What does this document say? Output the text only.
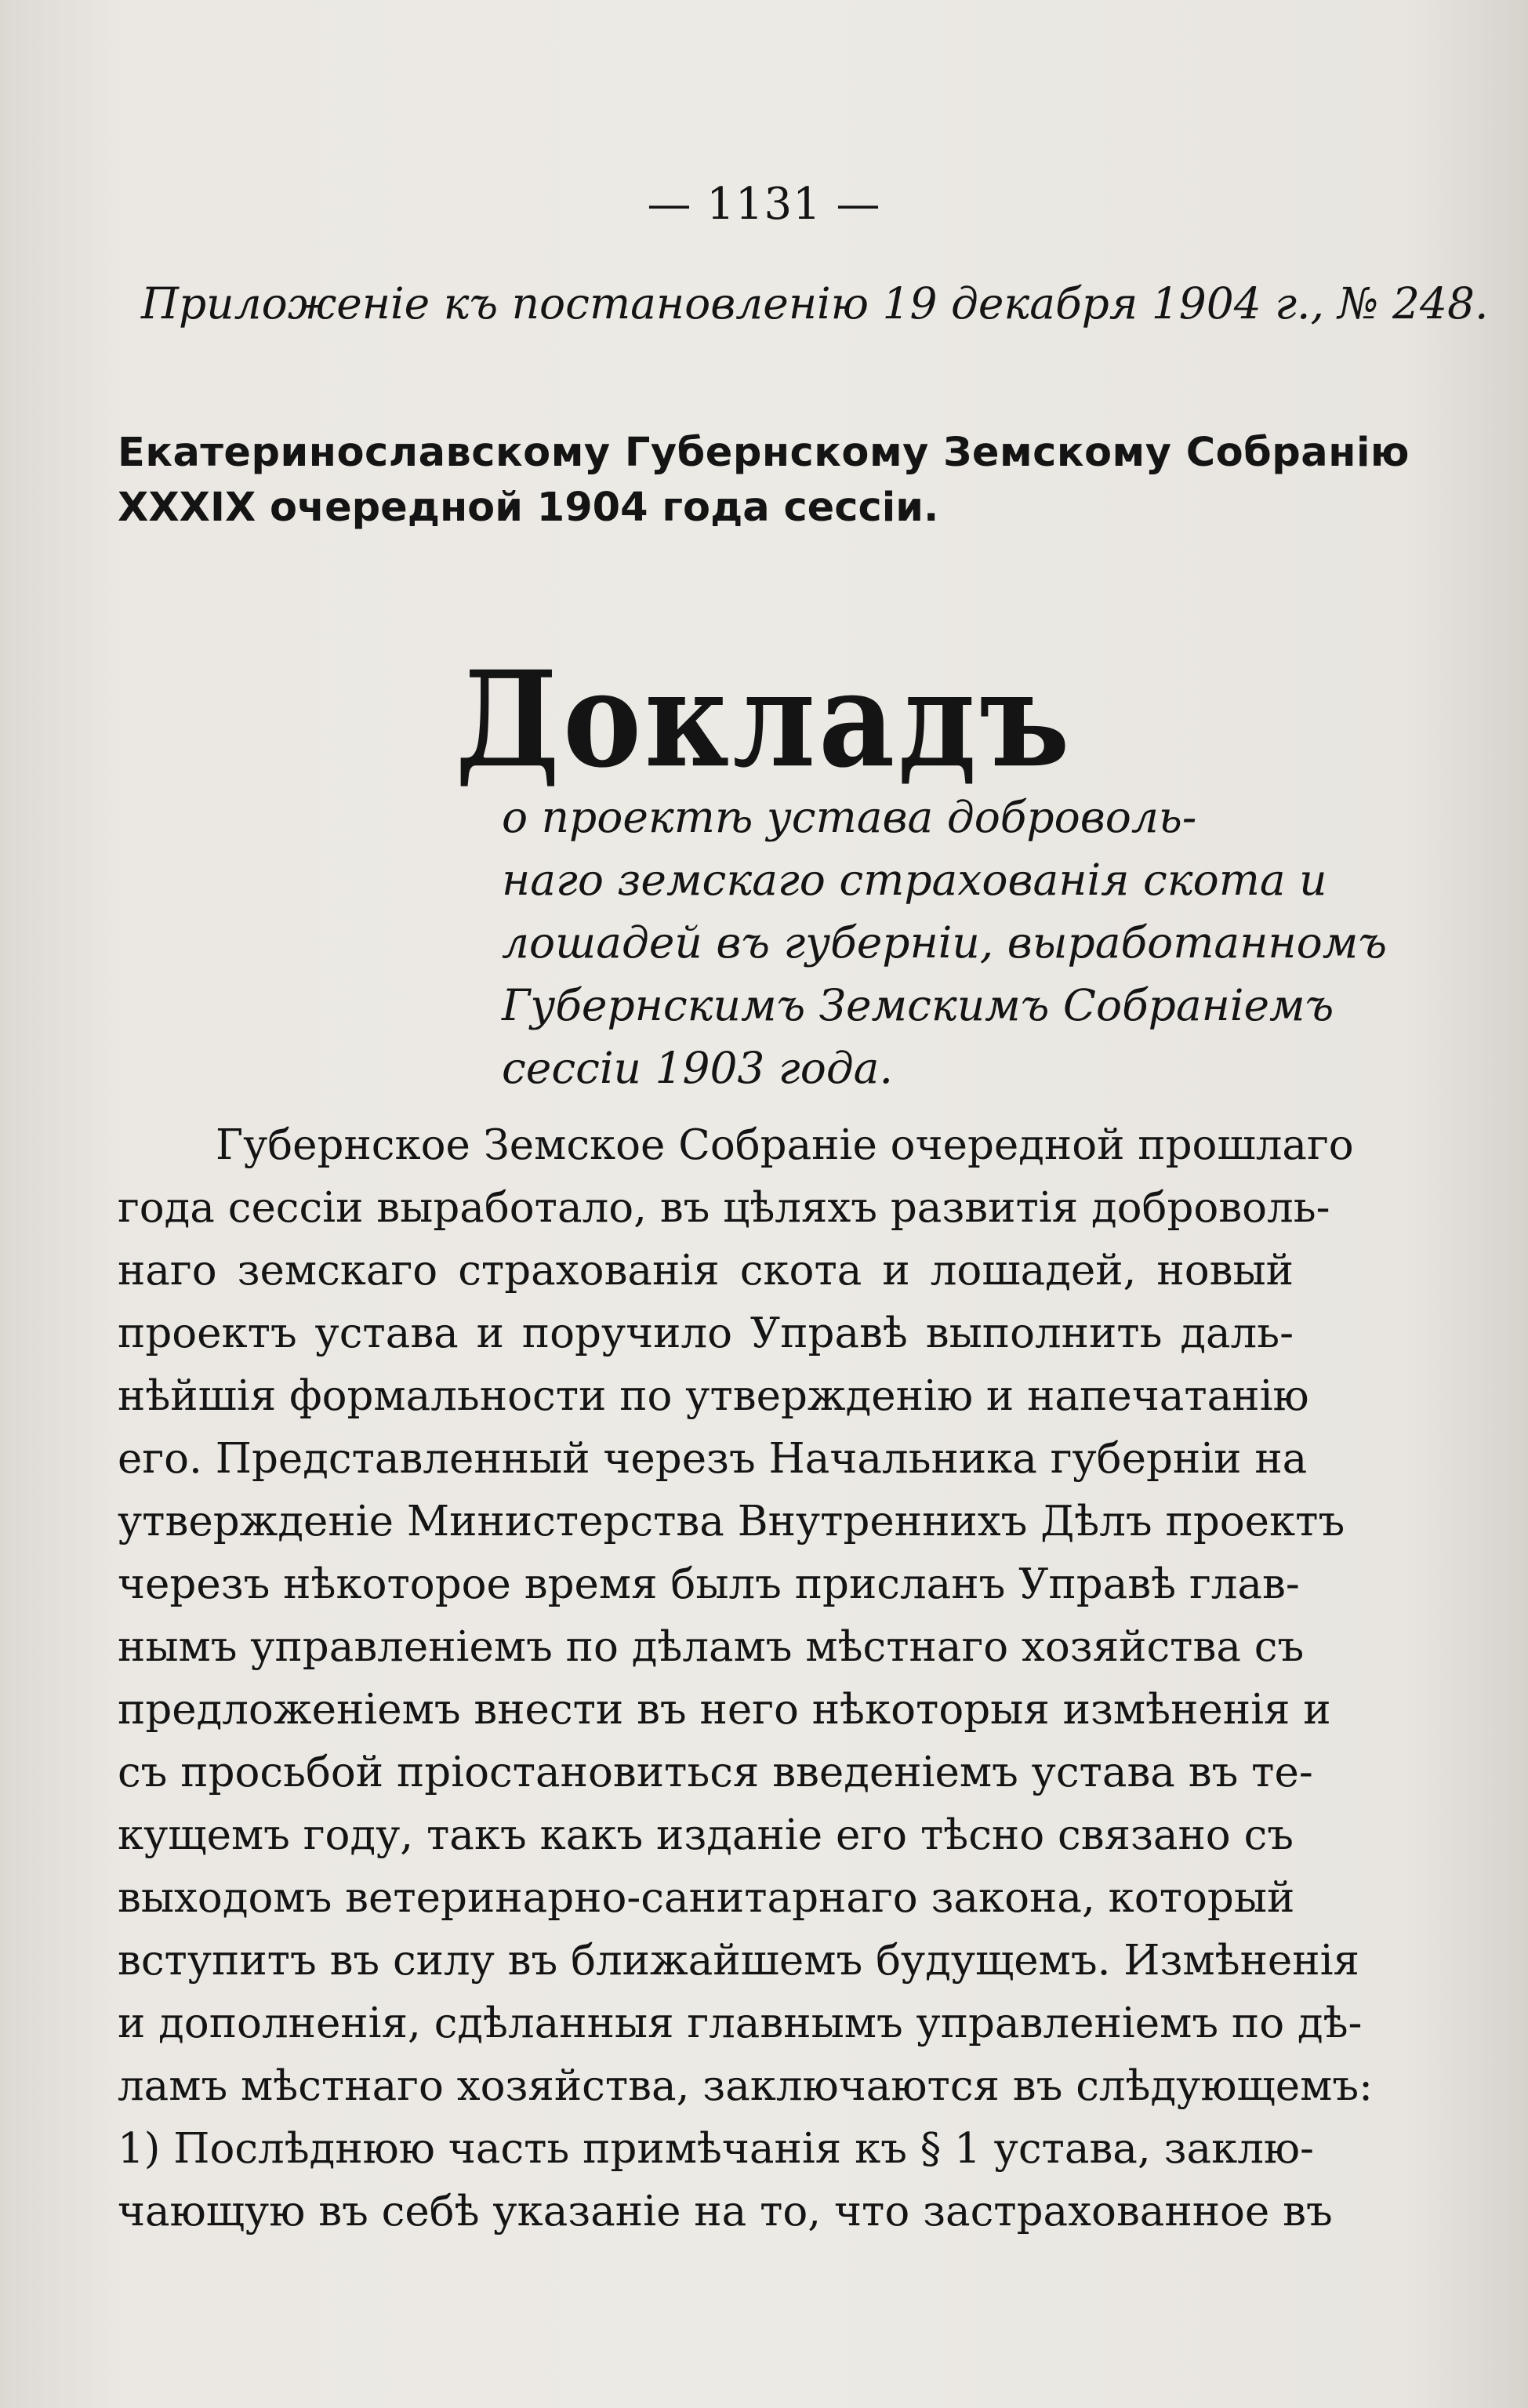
— 1131 —
Приложенiе къ постановленiю 19 декабря 1904 г., № 248.
Екатеринославскому Губернскому Земскому Собранiю
XXXIX очередной 1904 года сессiи.
Докладъ
о проектѣ устава доброволь-
наго земскаго страхованiя скота и
лошадей въ губернiи, выработанномъ
Губернскимъ Земскимъ Собранiемъ
сессiи 1903 года.
Губернское Земское Собранiе очередной прошлаго
года сессiи выработало, въ цѣляхъ развитiя доброволь-
наго земскаго страхованiя скота и лошадей, новый
проектъ устава и поручило Управѣ выполнить даль-
нѣйшiя формальности по утвержденiю и напечатанiю
его. Представленный черезъ Начальника губернiи на
утвержденiе Министерства Внутреннихъ Дѣлъ проектъ
черезъ нѣкоторое время былъ присланъ Управѣ глав-
нымъ управленiемъ по дѣламъ мѣстнаго хозяйства съ
предложенiемъ внести въ него нѣкоторыя измѣненiя и
съ просьбой прiостановиться введенiемъ устава въ те-
кущемъ году, такъ какъ изданiе его тѣсно связано съ
выходомъ ветеринарно-санитарнаго закона, который
вступитъ въ силу въ ближайшемъ будущемъ. Измѣненiя
и дополненiя, сдѣланныя главнымъ управленiемъ по дѣ-
ламъ мѣстнаго хозяйства, заключаются въ слѣдующемъ:
1) Послѣднюю часть примѣчанiя къ § 1 устава, заклю-
чающую въ себѣ указанiе на то, что застрахованное въ
